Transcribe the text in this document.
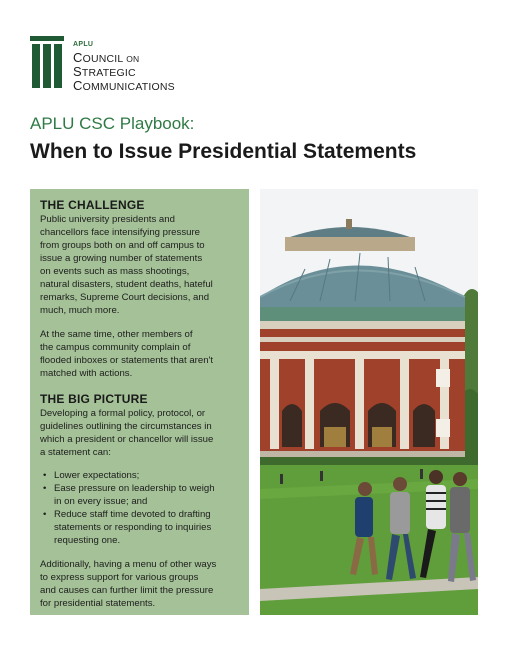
APLU
COUNCIL ON
STRATEGIC
COMMUNICATIONS
APLU CSC Playbook:
When to Issue Presidential Statements
THE CHALLENGE

Public university presidents and
chancellors face intensifying pressure
from groups both on and off campus to
issue a growing number of statements
on events such as mass shootings,
natural disasters, student deaths, hateful
remarks, Supreme Court decisions, and
much, much more.

At the same time, other members of
the campus community complain of
flooded inboxes or statements that aren't
matched with actions.

THE BIG PICTURE

Developing a formal policy, protocol, or
guidelines outlining the circumstances in
which a president or chancellor will issue
a statement can:

• Lower expectations;
• Ease pressure on leadership to weigh
in on every issue; and
• Reduce staff time devoted to drafting
statements or responding to inquiries
requesting one.

Additionally, having a menu of other ways
to express support for various groups
and causes can further limit the pressure
for presidential statements.
